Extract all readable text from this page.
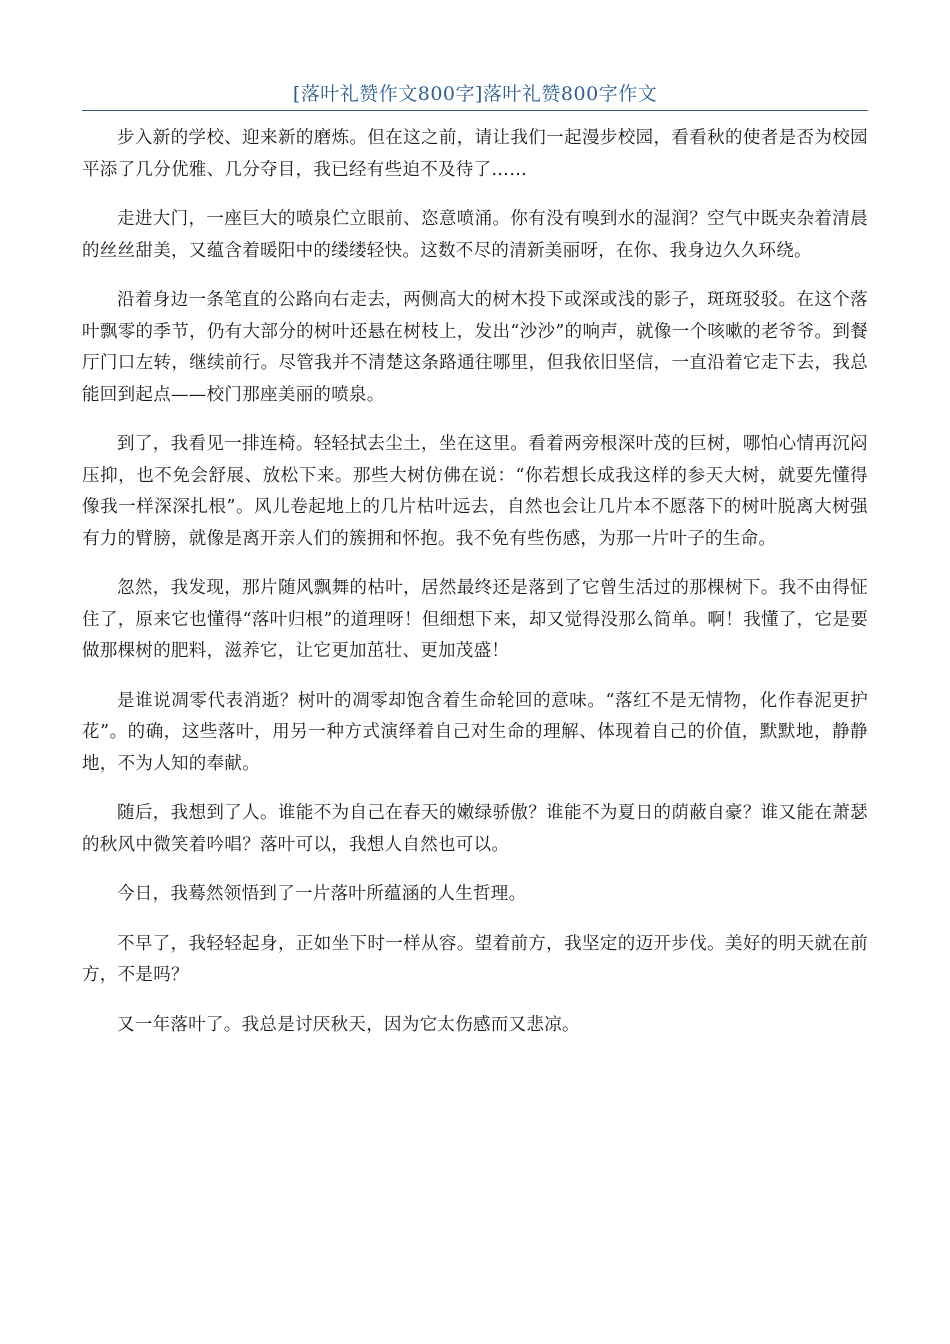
[落叶礼赞作文800字]落叶礼赞800字作文

步入新的学校、迎来新的磨炼。但在这之前，请让我们一起漫步校园，看看秋的使者是否为校园平添了几分优雅、几分夺目，我已经有些迫不及待了……

走进大门，一座巨大的喷泉伫立眼前、恣意喷涌。你有没有嗅到水的湿润？空气中既夹杂着清晨的丝丝甜美，又蕴含着暖阳中的缕缕轻快。这数不尽的清新美丽呀，在你、我身边久久环绕。

沿着身边一条笔直的公路向右走去，两侧高大的树木投下或深或浅的影子，斑斑驳驳。在这个落叶飘零的季节，仍有大部分的树叶还悬在树枝上，发出“沙沙”的响声，就像一个咳嗽的老爷爷。到餐厅门口左转，继续前行。尽管我并不清楚这条路通往哪里，但我依旧坚信，一直沿着它走下去，我总能回到起点——校门那座美丽的喷泉。

到了，我看见一排连椅。轻轻拭去尘土，坐在这里。看着两旁根深叶茂的巨树，哪怕心情再沉闷压抑，也不免会舒展、放松下来。那些大树仿佛在说：“你若想长成我这样的参天大树，就要先懂得像我一样深深扎根”。风儿卷起地上的几片枯叶远去，自然也会让几片本不愿落下的树叶脱离大树强有力的臂膀，就像是离开亲人们的簇拥和怀抱。我不免有些伤感，为那一片叶子的生命。

忽然，我发现，那片随风飘舞的枯叶，居然最终还是落到了它曾生活过的那棵树下。我不由得怔住了，原来它也懂得“落叶归根”的道理呀！但细想下来，却又觉得没那么简单。啊！我懂了，它是要做那棵树的肥料，滋养它，让它更加茁壮、更加茂盛！

是谁说凋零代表消逝？树叶的凋零却饱含着生命轮回的意味。“落红不是无情物，化作春泥更护花”。的确，这些落叶，用另一种方式演绎着自己对生命的理解、体现着自己的价值，默默地，静静地，不为人知的奉献。

随后，我想到了人。谁能不为自己在春天的嫩绿骄傲？谁能不为夏日的荫蔽自豪？谁又能在萧瑟的秋风中微笑着吟唱？落叶可以，我想人自然也可以。

今日，我蓦然领悟到了一片落叶所蕴涵的人生哲理。

不早了，我轻轻起身，正如坐下时一样从容。望着前方，我坚定的迈开步伐。美好的明天就在前方，不是吗？

又一年落叶了。我总是讨厌秋天，因为它太伤感而又悲凉。
